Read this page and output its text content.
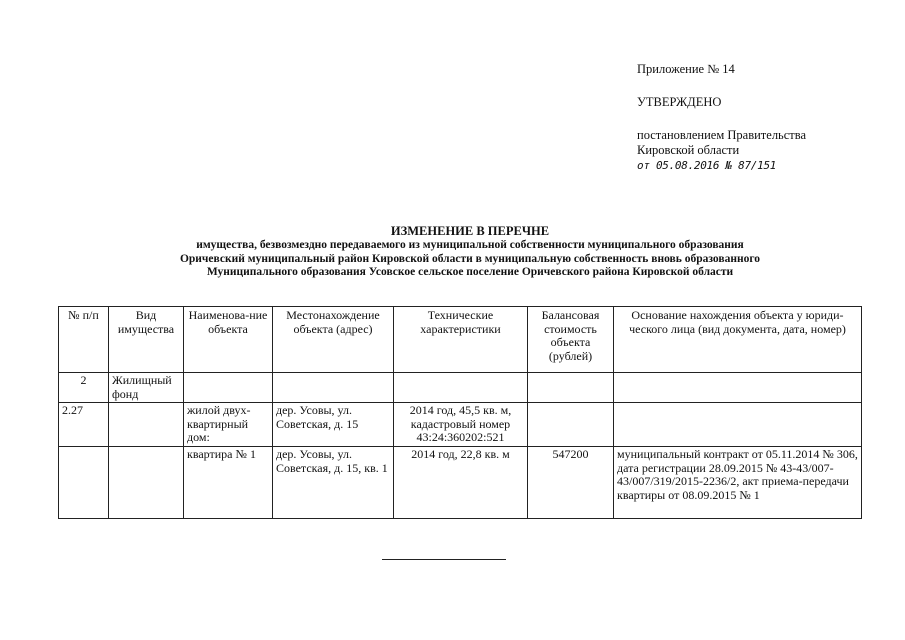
Приложение № 14
УТВЕРЖДЕНО
постановлением Правительства
Кировской области
от 05.08.2016 № 87/151
ИЗМЕНЕНИЕ В ПЕРЕЧНЕ
имущества, безвозмездно передаваемого из муниципальной собственности муниципального образования
Оричевский муниципальный район Кировской области в муниципальную собственность вновь образованного
Муниципального образования Усовское сельское поселение Оричевского района Кировской области
№ п/п	Вид имущества	Наименова-ние объекта	Местонахождение объекта (адрес)	Технические характеристики	Балансовая стоимость объекта (рублей)	Основание нахождения объекта у юриди-ческого лица (вид документа, дата, номер)
2	Жилищный фонд					
2.27		жилой двух-квартирный дом:	дер. Усовы, ул. Советская, д. 15	2014 год, 45,5 кв. м, кадастровый номер 43:24:360202:521		
		квартира № 1	дер. Усовы, ул. Советская, д. 15, кв. 1	2014 год, 22,8 кв. м	547200	муниципальный контракт от 05.11.2014 № 306, дата регистрации 28.09.2015 № 43-43/007-43/007/319/2015-2236/2, акт приема-передачи квартиры от 08.09.2015 № 1
